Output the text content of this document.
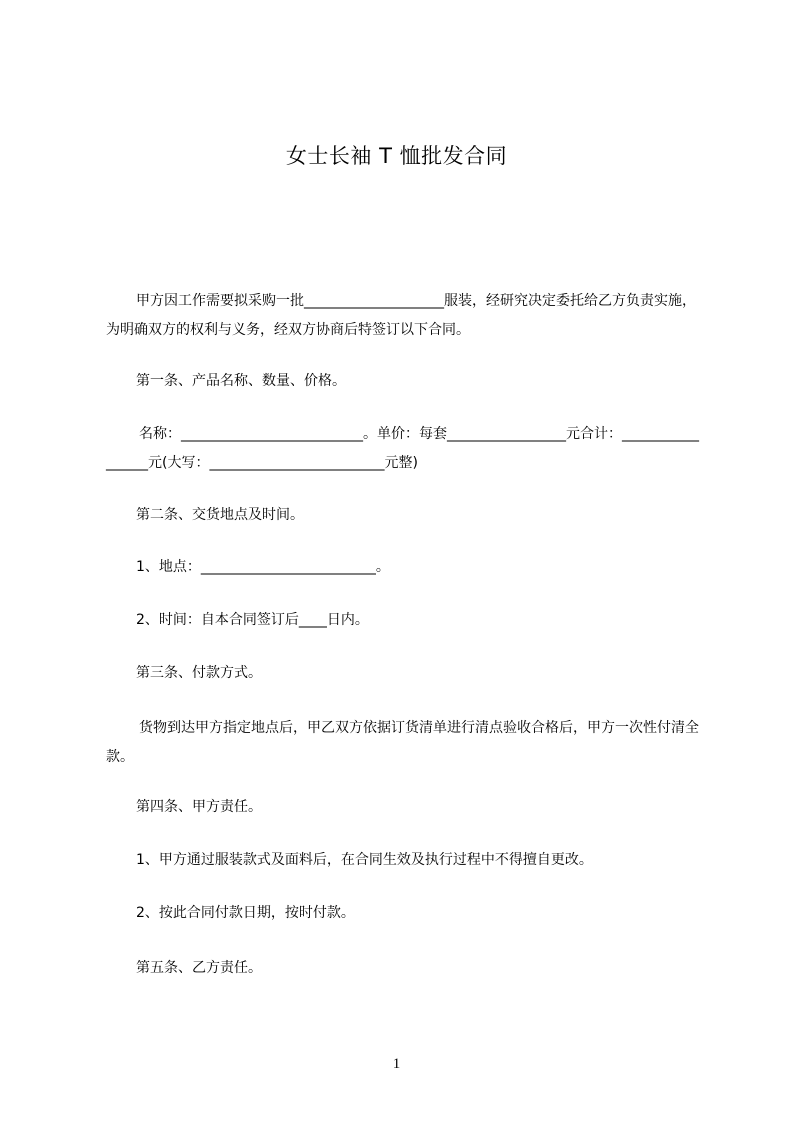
女士长袖 T 恤批发合同
甲方因工作需要拟采购一批____________________服装，经研究决定委托给乙方负责实施，为明确双方的权利与义务，经双方协商后特签订以下合同。
第一条、产品名称、数量、价格。
名称：__________________________。单价：每套_________________元合计：_________________元(大写：_________________________元整)
第二条、交货地点及时间。
1、地点：_________________________。
2、时间：自本合同签订后____日内。
第三条、付款方式。
货物到达甲方指定地点后，甲乙双方依据订货清单进行清点验收合格后，甲方一次性付清全款。
第四条、甲方责任。
1、甲方通过服装款式及面料后，在合同生效及执行过程中不得擅自更改。
2、按此合同付款日期，按时付款。
第五条、乙方责任。
1
